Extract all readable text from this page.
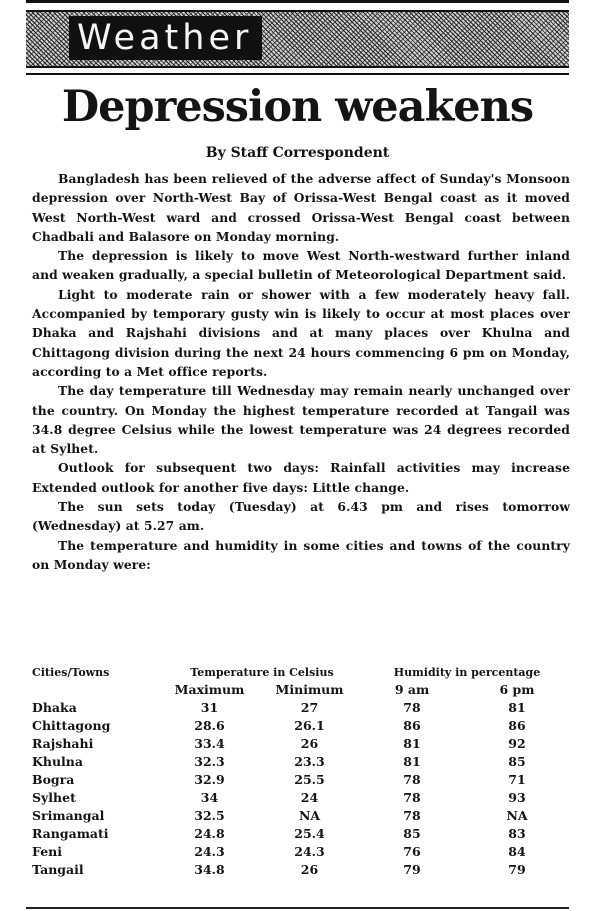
Weather
Depression weakens
By Staff Correspondent

Bangladesh has been relieved of the adverse affect of Sunday's Monsoon depression over North-West Bay of Orissa-West Bengal coast as it moved West North-West ward and crossed Orissa-West Bengal coast between Chadbali and Balasore on Monday morning.

The depression is likely to move West North-westward further inland and weaken gradually, a special bulletin of Meteorological Department said.

Light to moderate rain or shower with a few moderately heavy fall. Accompanied by temporary gusty win is likely to occur at most places over Dhaka and Rajshahi divisions and at many places over Khulna and Chittagong division during the next 24 hours commencing 6 pm on Monday, according to a Met office reports.

The day temperature till Wednesday may remain nearly unchanged over the country. On Monday the highest temperature recorded at Tangail was 34.8 degree Celsius while the lowest temperature was 24 degrees recorded at Sylhet.

Outlook for subsequent two days: Rainfall activities may increase Extended outlook for another five days: Little change.

The sun sets today (Tuesday) at 6.43 pm and rises tomorrow (Wednesday) at 5.27 am.

The temperature and humidity in some cities and towns of the country on Monday were:

Cities/Towns	Temperature in Celsius		Humidity in percentage	
	Maximum	Minimum	9 am	6 pm
Dhaka	31	27	78	81
Chittagong	28.6	26.1	86	86
Rajshahi	33.4	26	81	92
Khulna	32.3	23.3	81	85
Bogra	32.9	25.5	78	71
Sylhet	34	24	78	93
Srimangal	32.5	NA	78	NA
Rangamati	24.8	25.4	85	83
Feni	24.3	24.3	76	84
Tangail	34.8	26	79	79
